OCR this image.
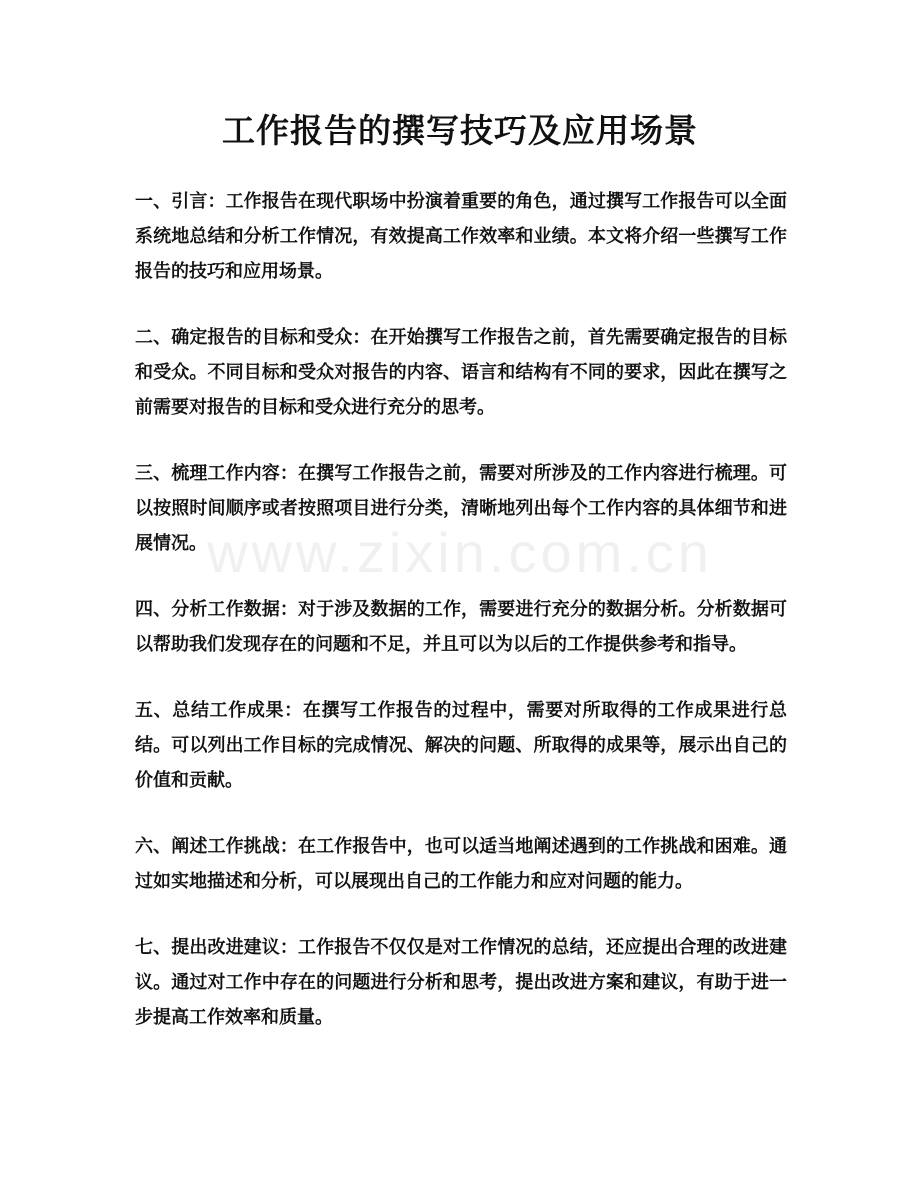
www.zixin.com.cn
工作报告的撰写技巧及应用场景

一、引言：工作报告在现代职场中扮演着重要的角色，通过撰写工作报告可以全面系统地总结和分析工作情况，有效提高工作效率和业绩。本文将介绍一些撰写工作报告的技巧和应用场景。

二、确定报告的目标和受众：在开始撰写工作报告之前，首先需要确定报告的目标和受众。不同目标和受众对报告的内容、语言和结构有不同的要求，因此在撰写之前需要对报告的目标和受众进行充分的思考。

三、梳理工作内容：在撰写工作报告之前，需要对所涉及的工作内容进行梳理。可以按照时间顺序或者按照项目进行分类，清晰地列出每个工作内容的具体细节和进展情况。

四、分析工作数据：对于涉及数据的工作，需要进行充分的数据分析。分析数据可以帮助我们发现存在的问题和不足，并且可以为以后的工作提供参考和指导。

五、总结工作成果：在撰写工作报告的过程中，需要对所取得的工作成果进行总结。可以列出工作目标的完成情况、解决的问题、所取得的成果等，展示出自己的价值和贡献。

六、阐述工作挑战：在工作报告中，也可以适当地阐述遇到的工作挑战和困难。通过如实地描述和分析，可以展现出自己的工作能力和应对问题的能力。

七、提出改进建议：工作报告不仅仅是对工作情况的总结，还应提出合理的改进建议。通过对工作中存在的问题进行分析和思考，提出改进方案和建议，有助于进一步提高工作效率和质量。
